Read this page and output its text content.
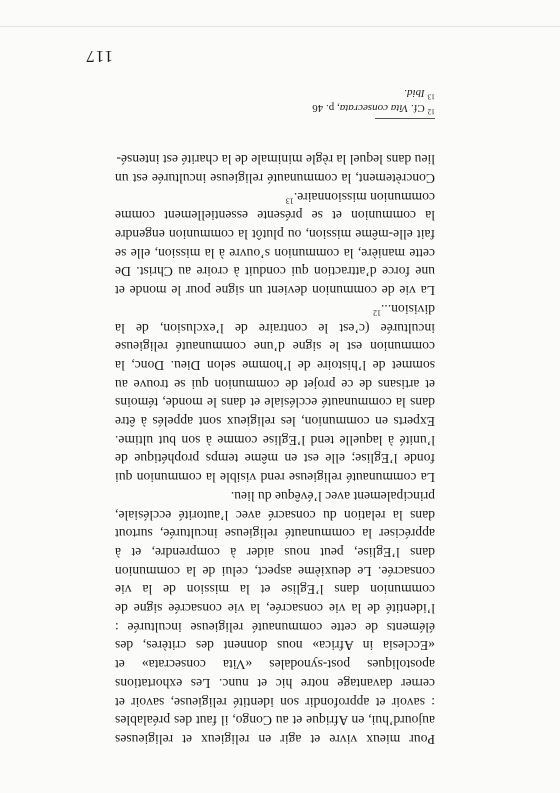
Pour mieux vivre et agir en religieux et religieuses aujourd’hui, en Afrique et au Congo, il faut des préalables : savoir et approfondir son identité religieuse, savoir et cerner davantage notre hic et nunc. Les exhortations apostoliques post-synodales «Vita consecrata» et «Ecclesia in Africa» nous donnent des critères, des éléments de cette communauté religieuse inculturée : l’identité de la vie consacrée, la vie consacrée signe de communion dans l’Eglise et la mission de la vie consacrée. Le deuxième aspect, celui de la communion dans l’Eglise, peut nous aider à comprendre, et à appréciser la communauté religieuse inculturée, surtout dans la relation du consacré avec l’autorité ecclésiale, principalement avec l’évêque du lieu.

La communauté religieuse rend visible la communion qui fonde l’Eglise; elle est en même temps prophétique de l’unité à laquelle tend l’Eglise comme à son but ultime. Experts en communion, les religieux sont appelés à être dans la communauté ecclésiale et dans le monde, témoins et artisans de ce projet de communion qui se trouve au sommet de l’histoire de l’homme selon Dieu. Donc, la communion est le signe d’une communauté religieuse inculturée (c’est le contraire de l’exclusion, de la division...$^{12}$

La vie de communion devient un signe pour le monde et une force d’attraction qui conduit à croire au Christ. De cette manière, la communion s’ouvre à la mission, elle se fait elle-même mission, ou plutôt la communion engendre la communion et se présente essentiellement comme communion missionnaire.$^{13}$

Concrètement, la communauté religieuse inculturée est un lieu dans lequel la règle minimale de la charité est intensé-

$^{12}$ Cf. Vita consecrata, p. 46
$^{13}$ Ibid.
117
